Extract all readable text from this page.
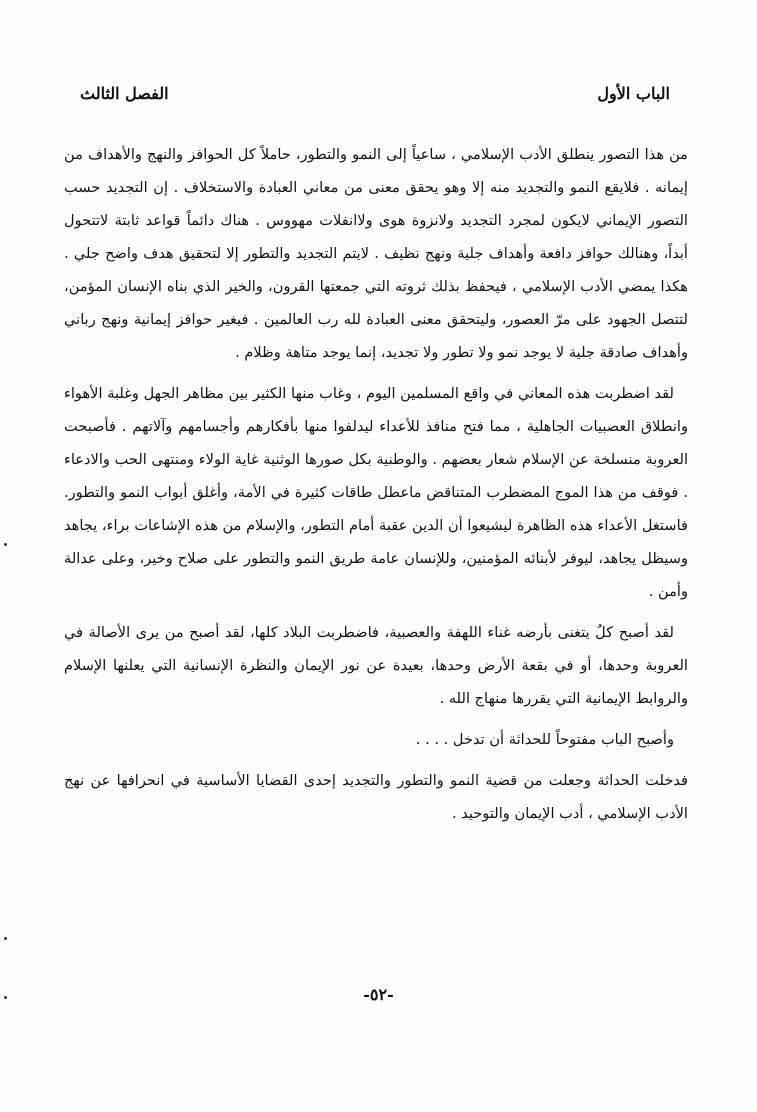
الباب الأول
الفصل الثالث

من هذا التصور ينطلق الأدب الإسلامي ، ساعياً إلى النمو والتطور، حاملاً كل الحوافز والنهج والأهداف من إيمانه . فلايقع النمو والتجديد منه إلا وهو يحقق معنى من معاني العبادة والاستخلاف . إن التجديد حسب التصور الإيماني لايكون لمجرد التجديد ولانزوة هوى ولاانفلات مهووس . هناك دائماً قواعد ثابتة لاتتحول أبداً، وهنالك حوافز دافعة وأهداف جلية ونهج نظيف . لايتم التجديد والتطور إلا لتحقيق هدف واضح جلي . هكذا يمضي الأدب الإسلامي ، فيحفظ بذلك ثروته التي جمعتها القرون، والخير الذي بناه الإنسان المؤمن، لتتصل الجهود على مرّ العصور، وليتحقق معنى العبادة لله رب العالمين . فبغير حوافز إيمانية ونهج رباني وأهداف صادقة جلية لا يوجد نمو ولا تطور ولا تجديد، إنما يوجد متاهة وظلام .

لقد اضطربت هذه المعاني في واقع المسلمين اليوم ، وغاب منها الكثير بين مظاهر الجهل وغلبة الأهواء وانطلاق العصبيات الجاهلية ، مما فتح منافذ للأعداء ليدلفوا منها بأفكارهم وأجسامهم وآلاتهم . فأصبحت العروبة منسلخة عن الإسلام شعار بعضهم . والوطنية بكل صورها الوثنية غاية الولاء ومنتهى الحب والادعاء . فوقف من هذا الموج المضطرب المتناقض ماعطل طاقات كثيرة في الأمة، وأغلق أبواب النمو والتطور. فاستغل الأعداء هذه الظاهرة ليشيعوا أن الدين عقبة أمام التطور، والإسلام من هذه الإشاعات براء، يجاهد وسيظل يجاهد، ليوفر لأبنائه المؤمنين، وللإنسان عامة طريق النمو والتطور على صلاح وخير، وعلى عدالة وأمن .

لقد أصبح كلٌ يتغنى بأرضه غناء اللهفة والعصبية، فاضطربت البلاد كلها، لقد أصبح من يرى الأصالة في العروبة وحدها، أو في بقعة الأرض وحدها، بعيدة عن نور الإيمان والنظرة الإنسانية التي يعلنها الإسلام والروابط الإيمانية التي يقررها منهاج الله .

وأصبح الباب مفتوحاً للحداثة أن تدخل . . . .

فدخلت الحداثة وجعلت من قضية النمو والتطور والتجديد إحدى القضايا الأساسية في انحرافها عن نهج الأدب الإسلامي ، أدب الإيمان والتوحيد .

-٥٢-
